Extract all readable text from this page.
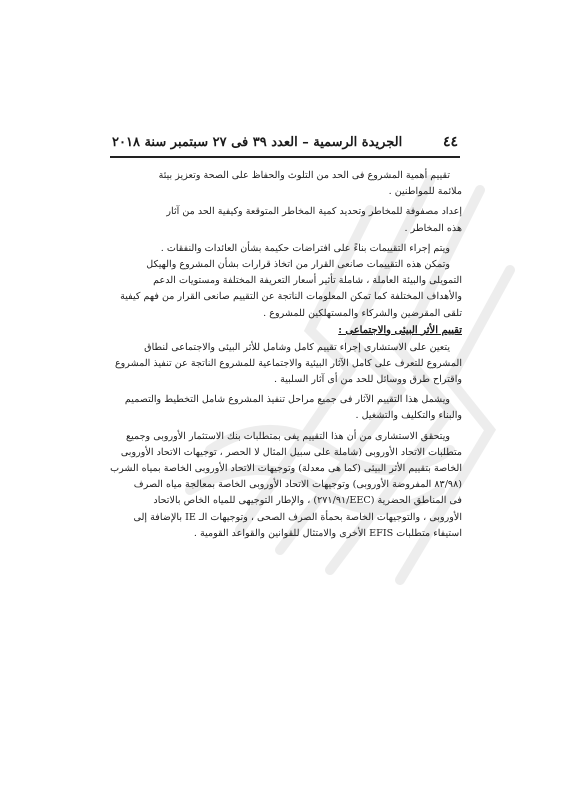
٤٤
الجريدة الرسمية – العدد ٣٩ فى ٢٧ سبتمبر سنة ٢٠١٨
تقييم أهمية المشروع فى الحد من التلوث والحفاظ على الصحة وتعزيز بيئة
ملائمة للمواطنين .
إعداد مصفوفة للمخاطر وتحديد كمية المخاطر المتوقعة وكيفية الحد من آثار
هذه المخاطر .
ويتم إجراء التقييمات بناءً على افتراضات حكيمة بشأن العائدات والنفقات .
وتمكن هذه التقييمات صانعى القرار من اتخاذ قرارات بشأن المشروع والهيكل
التمويلى والبيئة العاملة ، شاملة تأثير أسعار التعريفة المختلفة ومستويات الدعم
والأهداف المختلفة كما تمكن المعلومات الناتجة عن التقييم صانعى القرار من فهم كيفية
تلقى المقرضين والشركاء والمستهلكين للمشروع .
تقييم الأثر البيئى والاجتماعى :
يتعين على الاستشارى إجراء تقييم كامل وشامل للأثر البيئى والاجتماعى لنطاق
المشروع للتعرف على كامل الآثار البيئية والاجتماعية للمشروع الناتجة عن تنفيذ المشروع
واقتراح طرق ووسائل للحد من أى آثار السلبية .
ويشمل هذا التقييم الآثار فى جميع مراحل تنفيذ المشروع شامل التخطيط والتصميم
والبناء والتكليف والتشغيل .
ويتحقق الاستشارى من أن هذا التقييم يفى بمتطلبات بنك الاستثمار الأوروبى وجميع
متطلبات الاتحاد الأوروبى (شاملة على سبيل المثال لا الحصر ، توجيهات الاتحاد الأوروبى
الخاصة بتقييم الأثر البيئى (كما هى معدلة) وتوجيهات الاتحاد الأوروبى الخاصة بمياه الشرب
(٨٣/٩٨ المفروضة الأوروبى) وتوجيهات الاتحاد الأوروبى الخاصة بمعالجة مياه الصرف
فى المناطق الحضرية (EEC/٢٧١/٩١) ، والإطار التوجيهى للمياه الخاص بالاتحاد
الأوروبى ، والتوجيهات الخاصة بحمأة الصرف الصحى ، وتوجيهات الـ IE بالإضافة إلى
استيفاء متطلبات EFIS الأخرى والامتثال للقوانين والقواعد القومية .
